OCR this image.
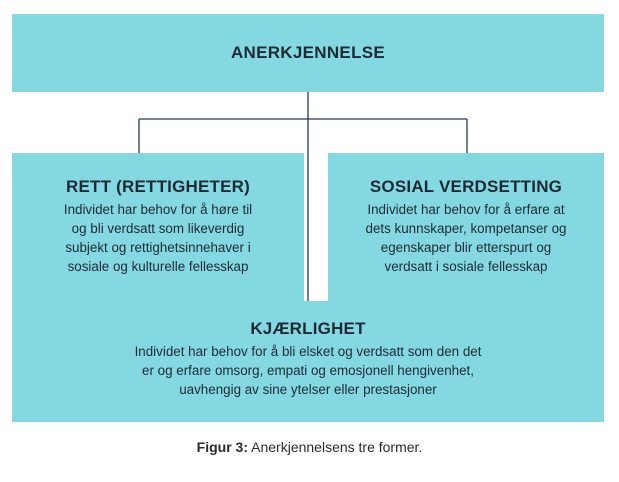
ANERKJENNELSE
RETT (RETTIGHETER)
Individet har behov for å høre til
og bli verdsatt som likeverdig
subjekt og rettighetsinnehaver i
sosiale og kulturelle fellesskap
SOSIAL VERDSETTING
Individet har behov for å erfare at
dets kunnskaper, kompetanser og
egenskaper blir etterspurt og
verdsatt i sosiale fellesskap
KJÆRLIGHET
Individet har behov for å bli elsket og verdsatt som den det
er og erfare omsorg, empati og emosjonell hengivenhet,
uavhengig av sine ytelser eller prestasjoner
Figur 3: Anerkjennelsens tre former.
